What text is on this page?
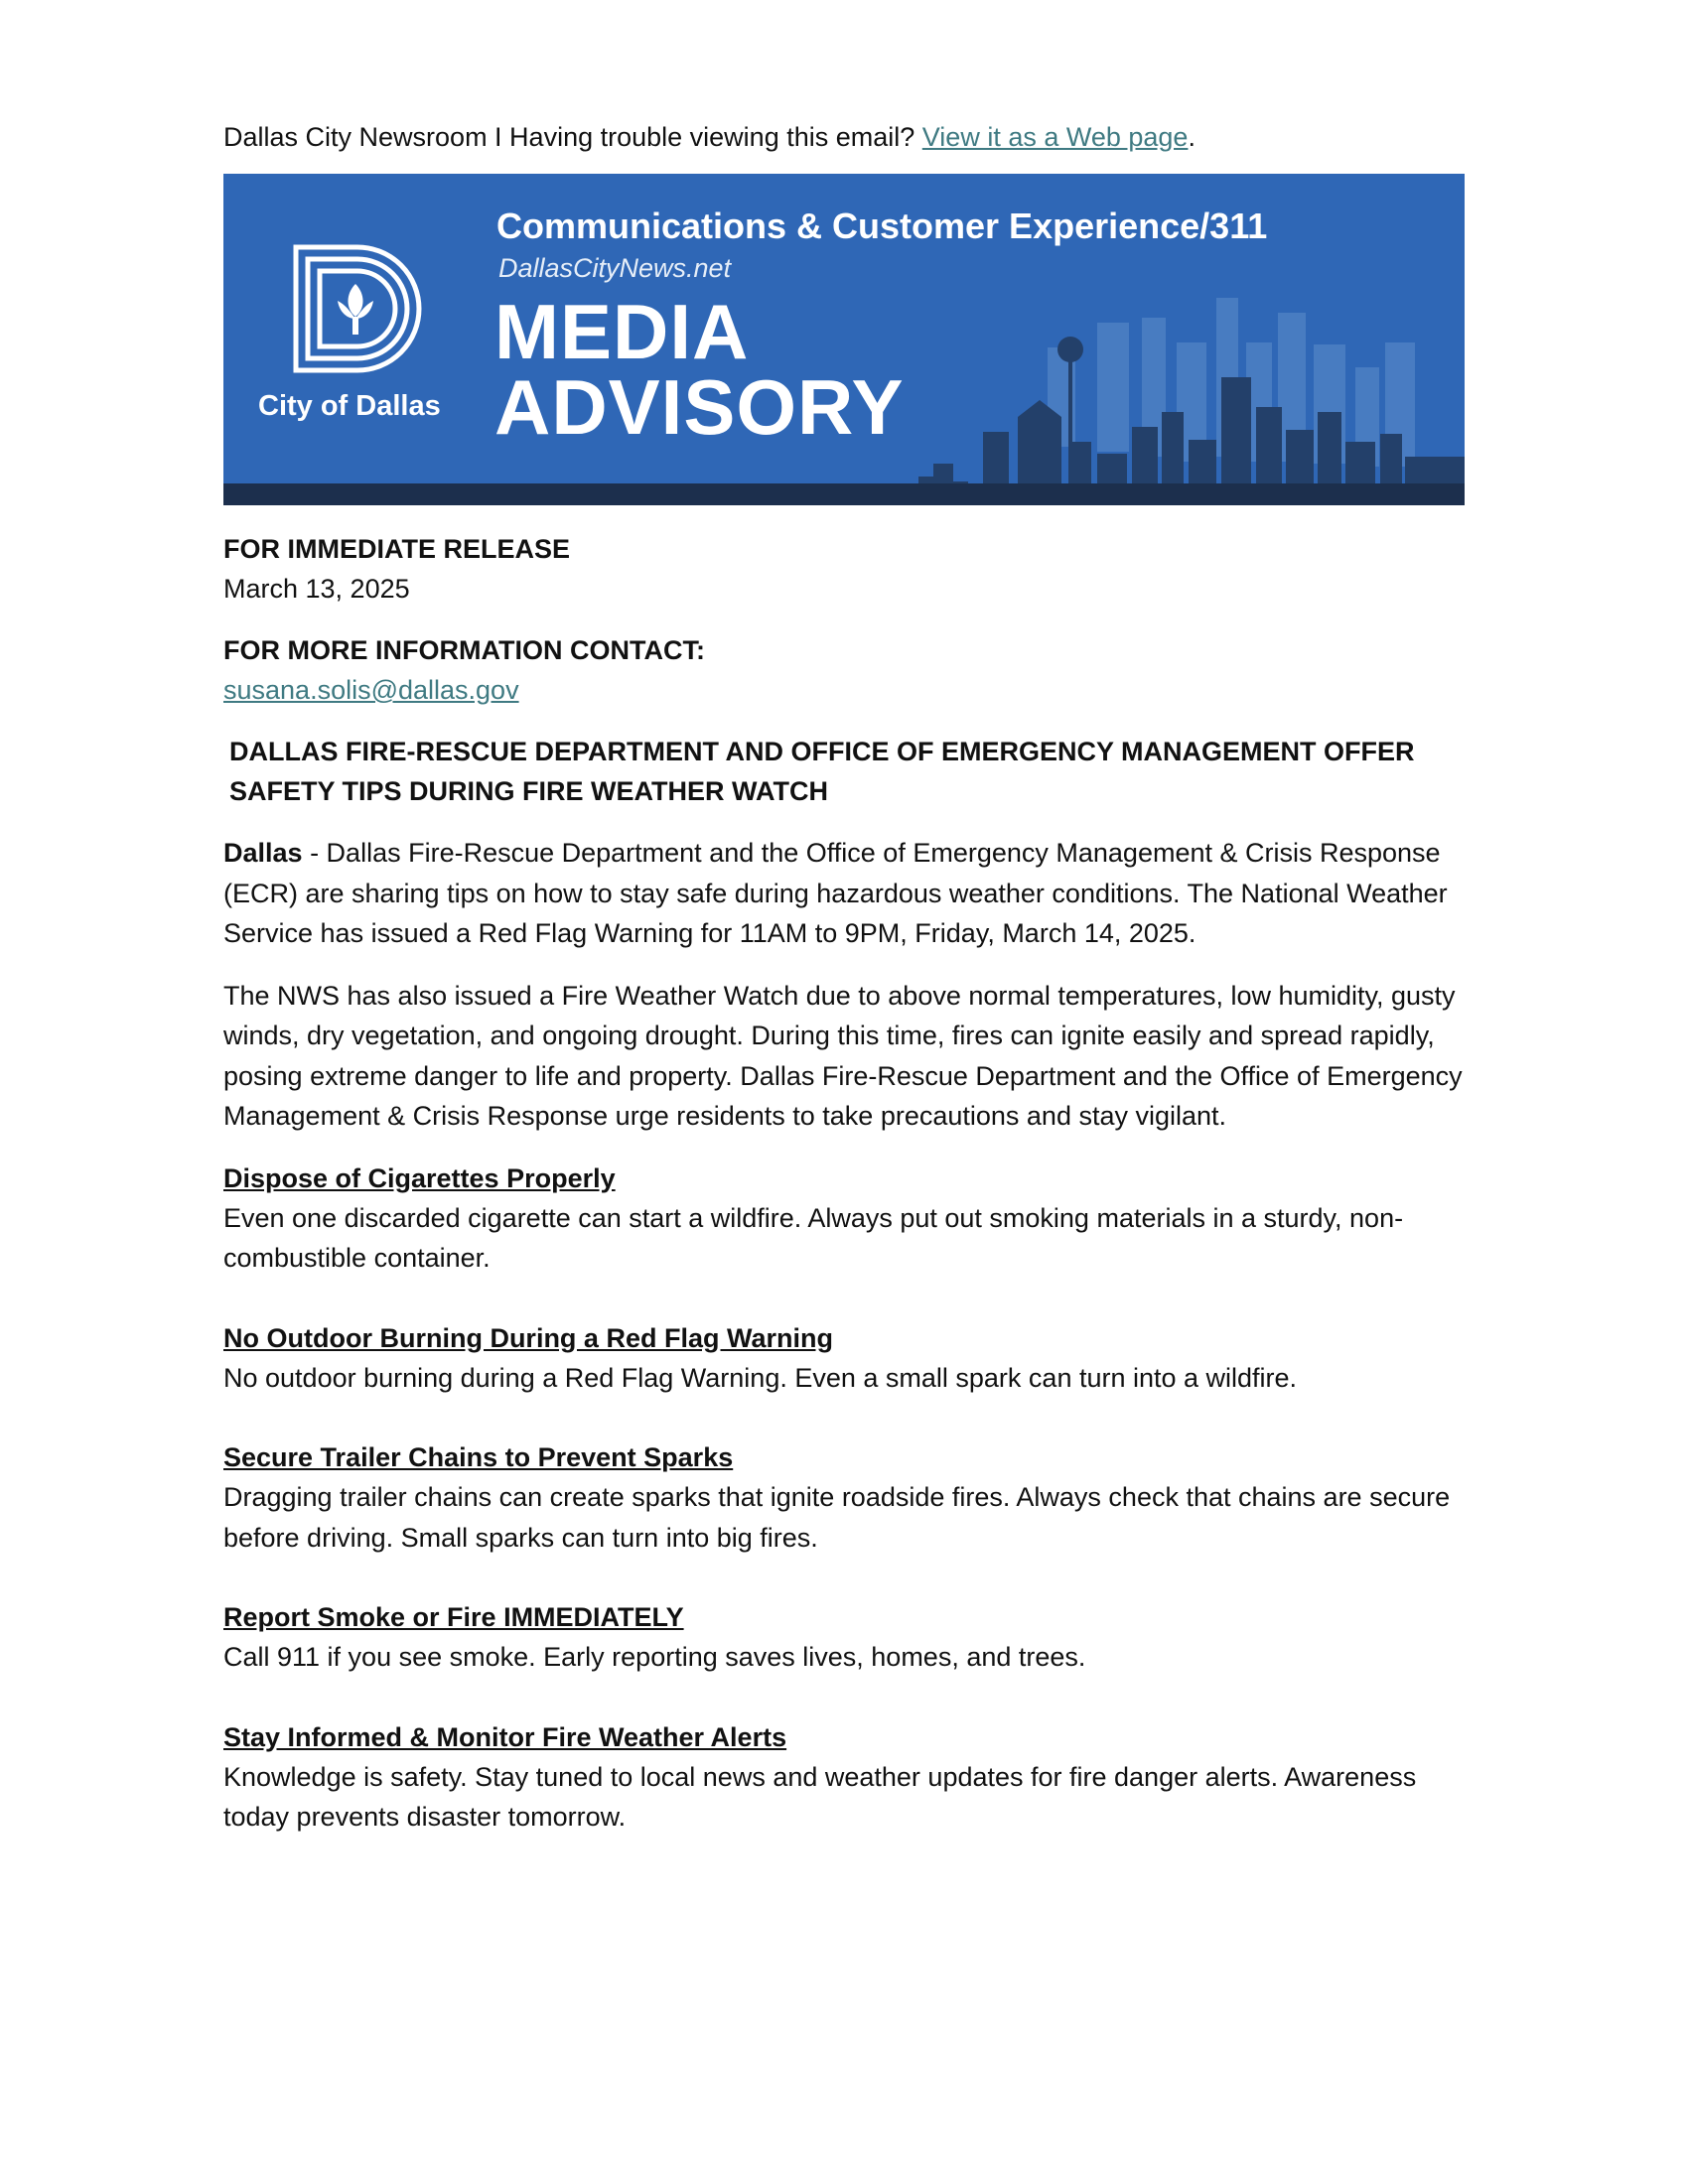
Dallas City Newsroom I Having trouble viewing this email? View it as a Web page.

City of Dallas
Communications & Customer Experience/311
DallasCityNews.net
MEDIA
ADVISORY

FOR IMMEDIATE RELEASE

March 13, 2025

FOR MORE INFORMATION CONTACT:

susana.solis@dallas.gov

DALLAS FIRE-RESCUE DEPARTMENT AND OFFICE OF EMERGENCY MANAGEMENT OFFER SAFETY TIPS DURING FIRE WEATHER WATCH

Dallas - Dallas Fire-Rescue Department and the Office of Emergency Management & Crisis Response (ECR) are sharing tips on how to stay safe during hazardous weather conditions. The National Weather Service has issued a Red Flag Warning for 11AM to 9PM, Friday, March 14, 2025.

The NWS has also issued a Fire Weather Watch due to above normal temperatures, low humidity, gusty winds, dry vegetation, and ongoing drought. During this time, fires can ignite easily and spread rapidly, posing extreme danger to life and property. Dallas Fire-Rescue Department and the Office of Emergency Management & Crisis Response urge residents to take precautions and stay vigilant.

Dispose of Cigarettes Properly

Even one discarded cigarette can start a wildfire. Always put out smoking materials in a sturdy, non-combustible container.

No Outdoor Burning During a Red Flag Warning

No outdoor burning during a Red Flag Warning. Even a small spark can turn into a wildfire.

Secure Trailer Chains to Prevent Sparks

Dragging trailer chains can create sparks that ignite roadside fires. Always check that chains are secure before driving. Small sparks can turn into big fires.

Report Smoke or Fire IMMEDIATELY

Call 911 if you see smoke. Early reporting saves lives, homes, and trees.

Stay Informed & Monitor Fire Weather Alerts

Knowledge is safety. Stay tuned to local news and weather updates for fire danger alerts. Awareness today prevents disaster tomorrow.
